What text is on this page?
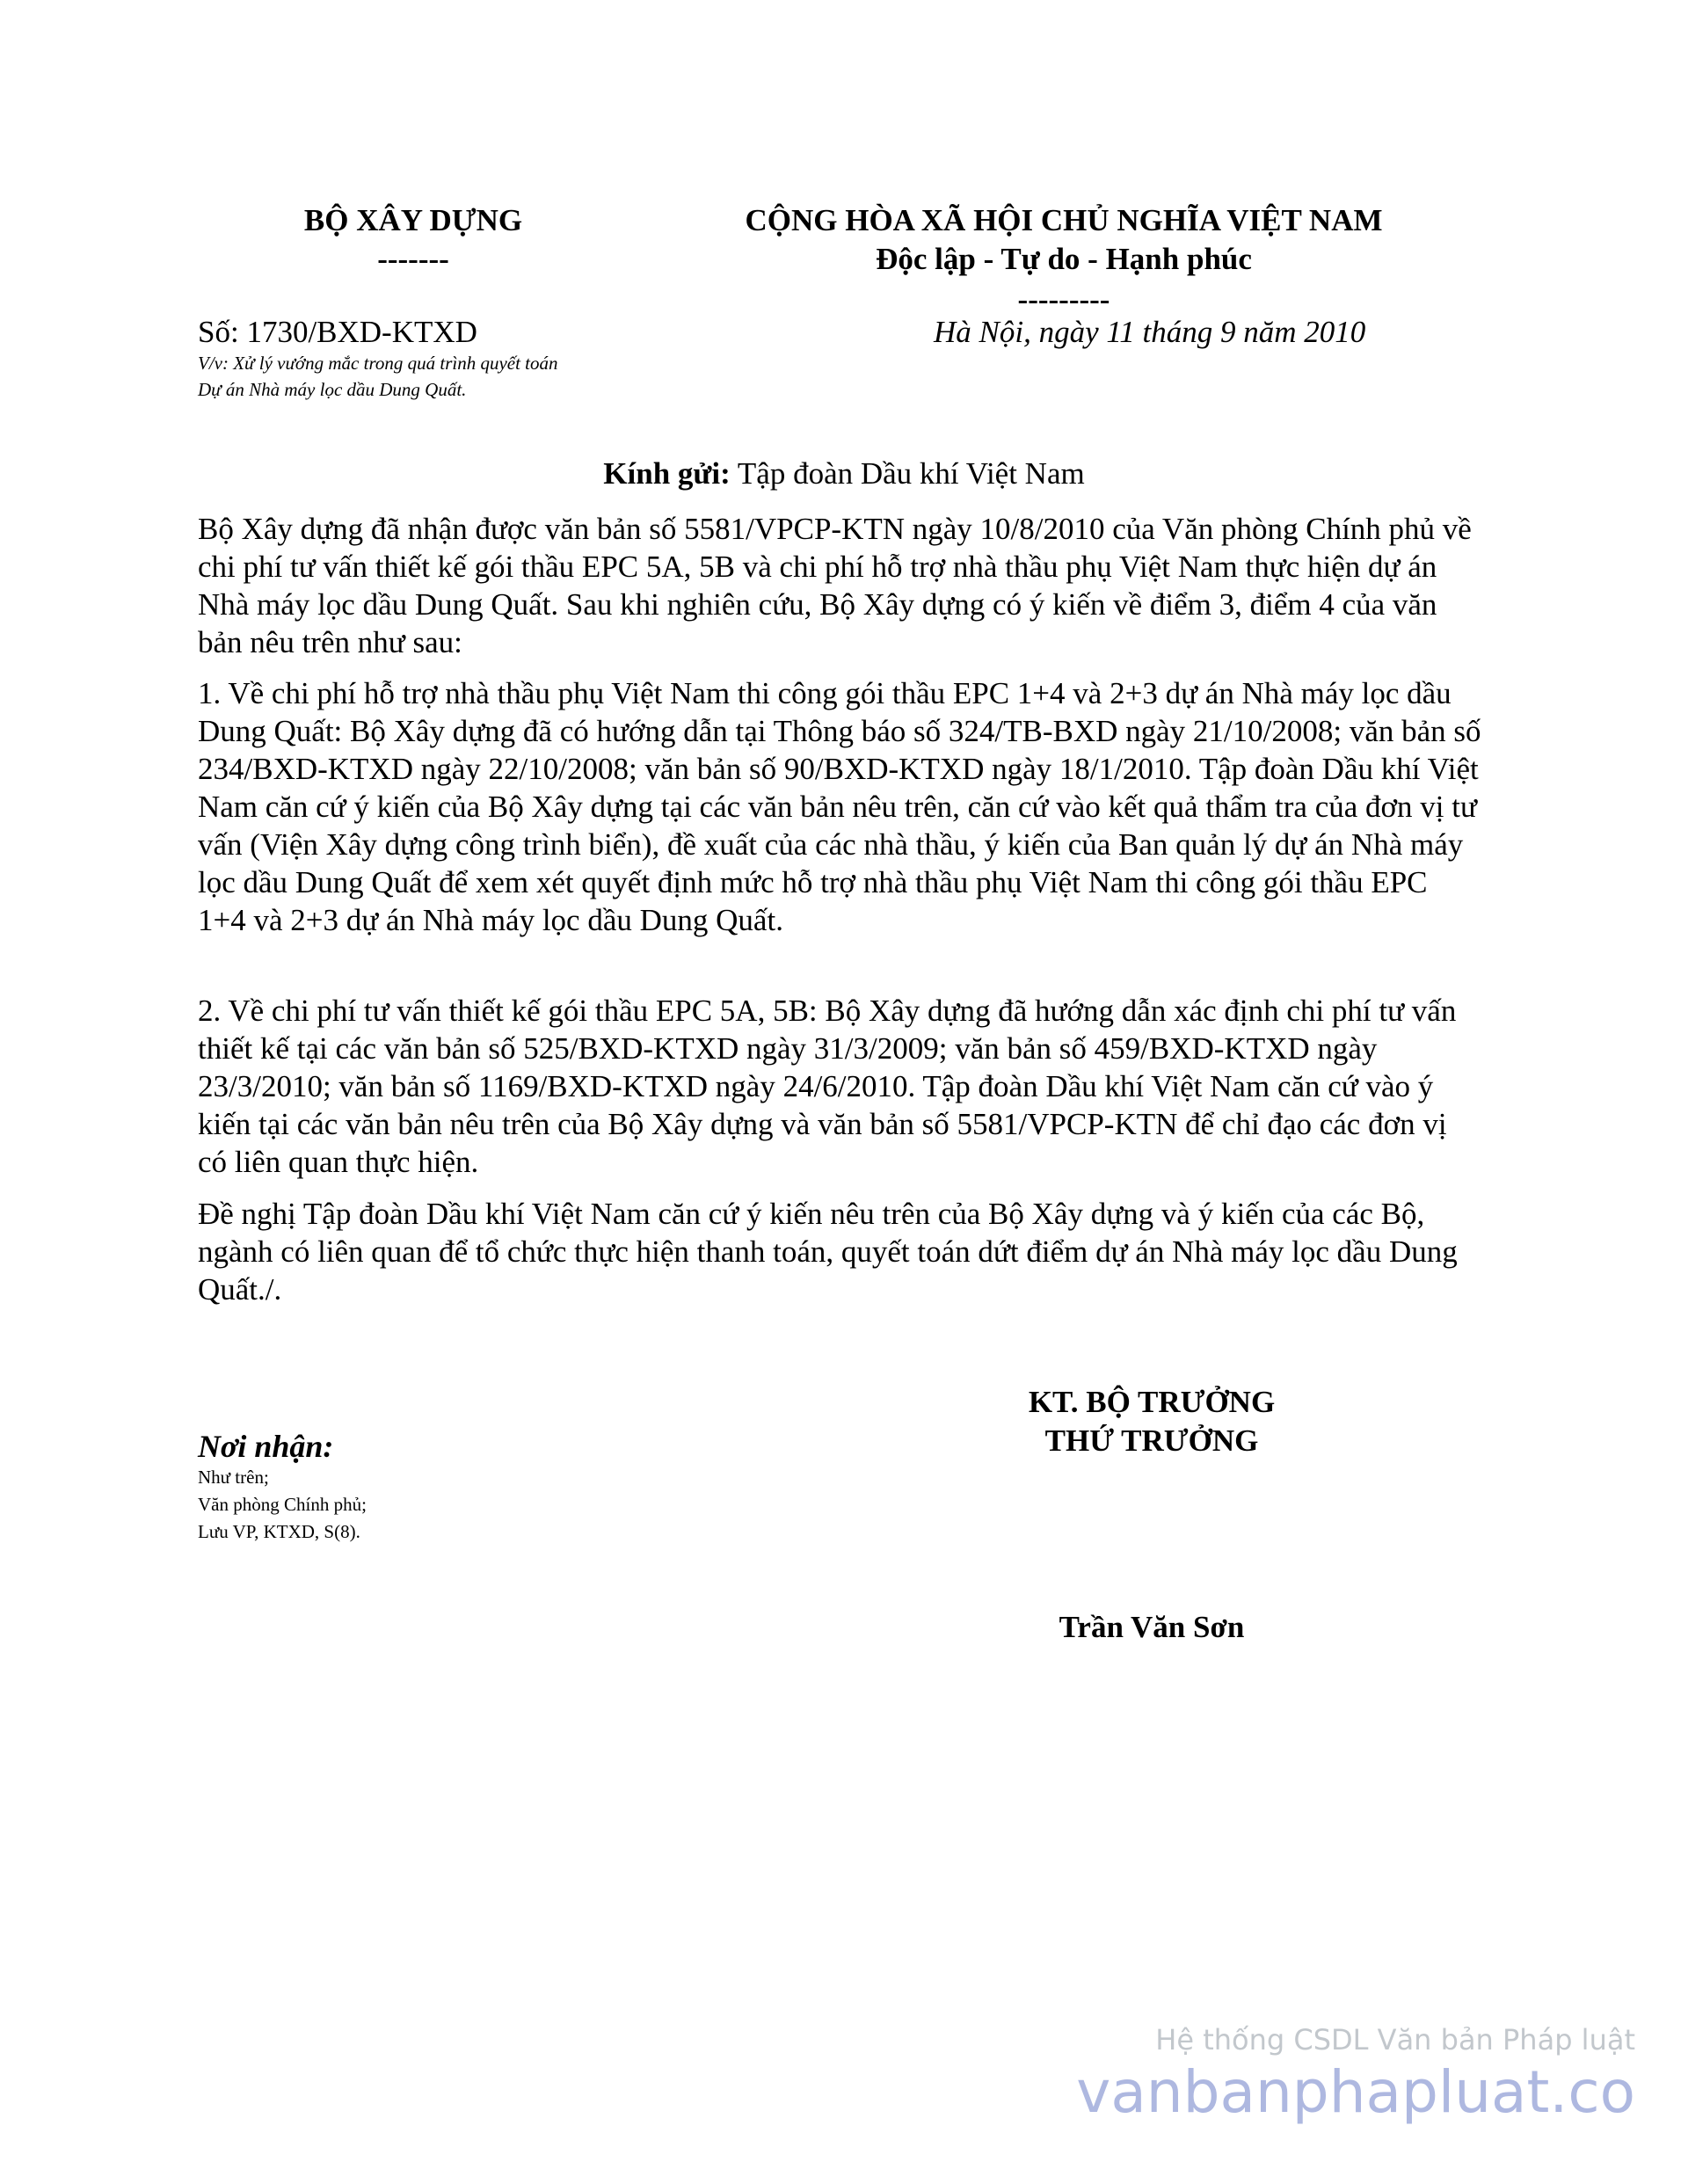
BỘ XÂY DỰNG
-------
CỘNG HÒA XÃ HỘI CHỦ NGHĨA VIỆT NAM
Độc lập - Tự do - Hạnh phúc
---------
Số: 1730/BXD-KTXD	Hà Nội, ngày 11 tháng 9 năm 2010
V/v: Xử lý vướng mắc trong quá trình quyết toán
Dự án Nhà máy lọc dầu Dung Quất.
Kính gửi: Tập đoàn Dầu khí Việt Nam
Bộ Xây dựng đã nhận được văn bản số 5581/VPCP-KTN ngày 10/8/2010 của Văn phòng Chính phủ về chi phí tư vấn thiết kế gói thầu EPC 5A, 5B và chi phí hỗ trợ nhà thầu phụ Việt Nam thực hiện dự án Nhà máy lọc dầu Dung Quất. Sau khi nghiên cứu, Bộ Xây dựng có ý kiến về điểm 3, điểm 4 của văn bản nêu trên như sau:
1. Về chi phí hỗ trợ nhà thầu phụ Việt Nam thi công gói thầu EPC 1+4 và 2+3 dự án Nhà máy lọc dầu Dung Quất: Bộ Xây dựng đã có hướng dẫn tại Thông báo số 324/TB-BXD ngày 21/10/2008; văn bản số 234/BXD-KTXD ngày 22/10/2008; văn bản số 90/BXD-KTXD ngày 18/1/2010. Tập đoàn Dầu khí Việt Nam căn cứ ý kiến của Bộ Xây dựng tại các văn bản nêu trên, căn cứ vào kết quả thẩm tra của đơn vị tư vấn (Viện Xây dựng công trình biển), đề xuất của các nhà thầu, ý kiến của Ban quản lý dự án Nhà máy lọc dầu Dung Quất để xem xét quyết định mức hỗ trợ nhà thầu phụ Việt Nam thi công gói thầu EPC 1+4 và 2+3 dự án Nhà máy lọc dầu Dung Quất.
2. Về chi phí tư vấn thiết kế gói thầu EPC 5A, 5B: Bộ Xây dựng đã hướng dẫn xác định chi phí tư vấn thiết kế tại các văn bản số 525/BXD-KTXD ngày 31/3/2009; văn bản số 459/BXD-KTXD ngày 23/3/2010; văn bản số 1169/BXD-KTXD ngày 24/6/2010. Tập đoàn Dầu khí Việt Nam căn cứ vào ý kiến tại các văn bản nêu trên của Bộ Xây dựng và văn bản số 5581/VPCP-KTN để chỉ đạo các đơn vị có liên quan thực hiện.
Đề nghị Tập đoàn Dầu khí Việt Nam căn cứ ý kiến nêu trên của Bộ Xây dựng và ý kiến của các Bộ, ngành có liên quan để tổ chức thực hiện thanh toán, quyết toán dứt điểm dự án Nhà máy lọc dầu Dung Quất./.
KT. BỘ TRƯỞNG
THỨ TRƯỞNG
Trần Văn Sơn
Nơi nhận:
Như trên;
Văn phòng Chính phủ;
Lưu VP, KTXD, S(8).
Hệ thống CSDL Văn bản Pháp luật
vanbanphapluat.co
